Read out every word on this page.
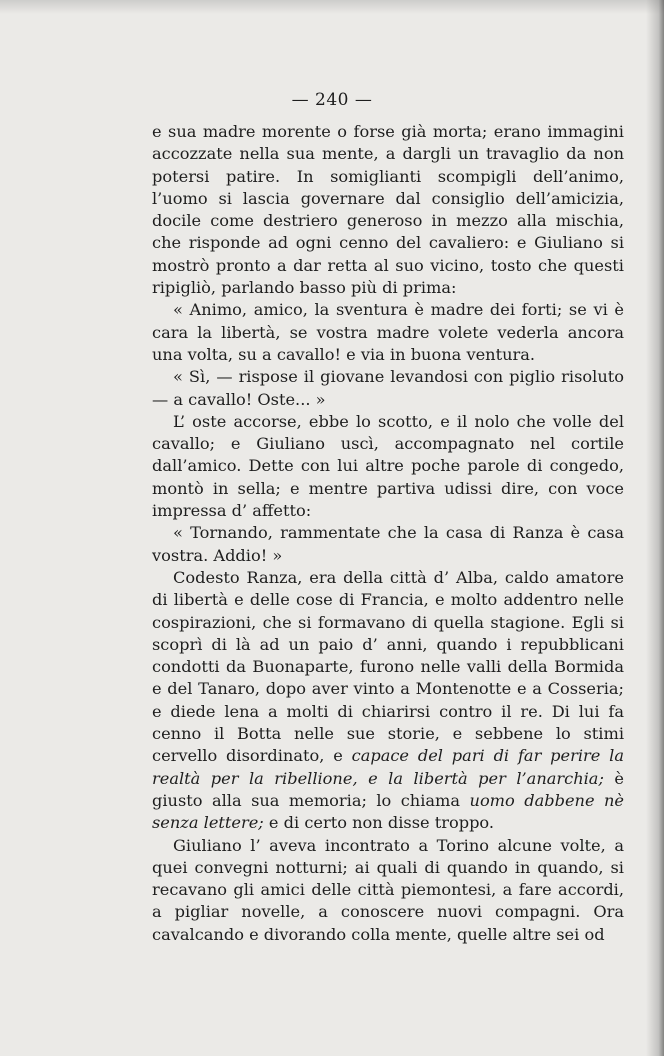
— 240 —

e sua madre morente o forse già morta; erano immagini accozzate nella sua mente, a dargli un travaglio da non potersi patire. In somiglianti scompigli dell’animo, l’uomo si lascia governare dal consiglio dell’amicizia, docile come destriero generoso in mezzo alla mischia, che risponde ad ogni cenno del cavaliero: e Giuliano si mostrò pronto a dar retta al suo vicino, tosto che questi ripigliò, parlando basso più di prima:

« Animo, amico, la sventura è madre dei forti; se vi è cara la libertà, se vostra madre volete vederla ancora una volta, su a cavallo! e via in buona ventura.

« Sì, — rispose il giovane levandosi con piglio risoluto — a cavallo! Oste... »

L’ oste accorse, ebbe lo scotto, e il nolo che volle del cavallo; e Giuliano uscì, accompagnato nel cortile dall’amico. Dette con lui altre poche parole di congedo, montò in sella; e mentre partiva udissi dire, con voce impressa d’ affetto:

« Tornando, rammentate che la casa di Ranza è casa vostra. Addio! »

Codesto Ranza, era della città d’ Alba, caldo amatore di libertà e delle cose di Francia, e molto addentro nelle cospirazioni, che si formavano di quella stagione. Egli si scoprì di là ad un paio d’ anni, quando i repubblicani condotti da Buonaparte, furono nelle valli della Bormida e del Tanaro, dopo aver vinto a Montenotte e a Cosseria; e diede lena a molti di chiarirsi contro il re. Di lui fa cenno il Botta nelle sue storie, e sebbene lo stimi cervello disordinato, e capace del pari di far perire la realtà per la ribellione, e la libertà per l’anarchia; è giusto alla sua memoria; lo chiama uomo dabbene nè senza lettere; e di certo non disse troppo.

Giuliano l’ aveva incontrato a Torino alcune volte, a quei convegni notturni; ai quali di quando in quando, si recavano gli amici delle città piemontesi, a fare accordi, a pigliar novelle, a conoscere nuovi compagni. Ora cavalcando e divorando colla mente, quelle altre sei od
